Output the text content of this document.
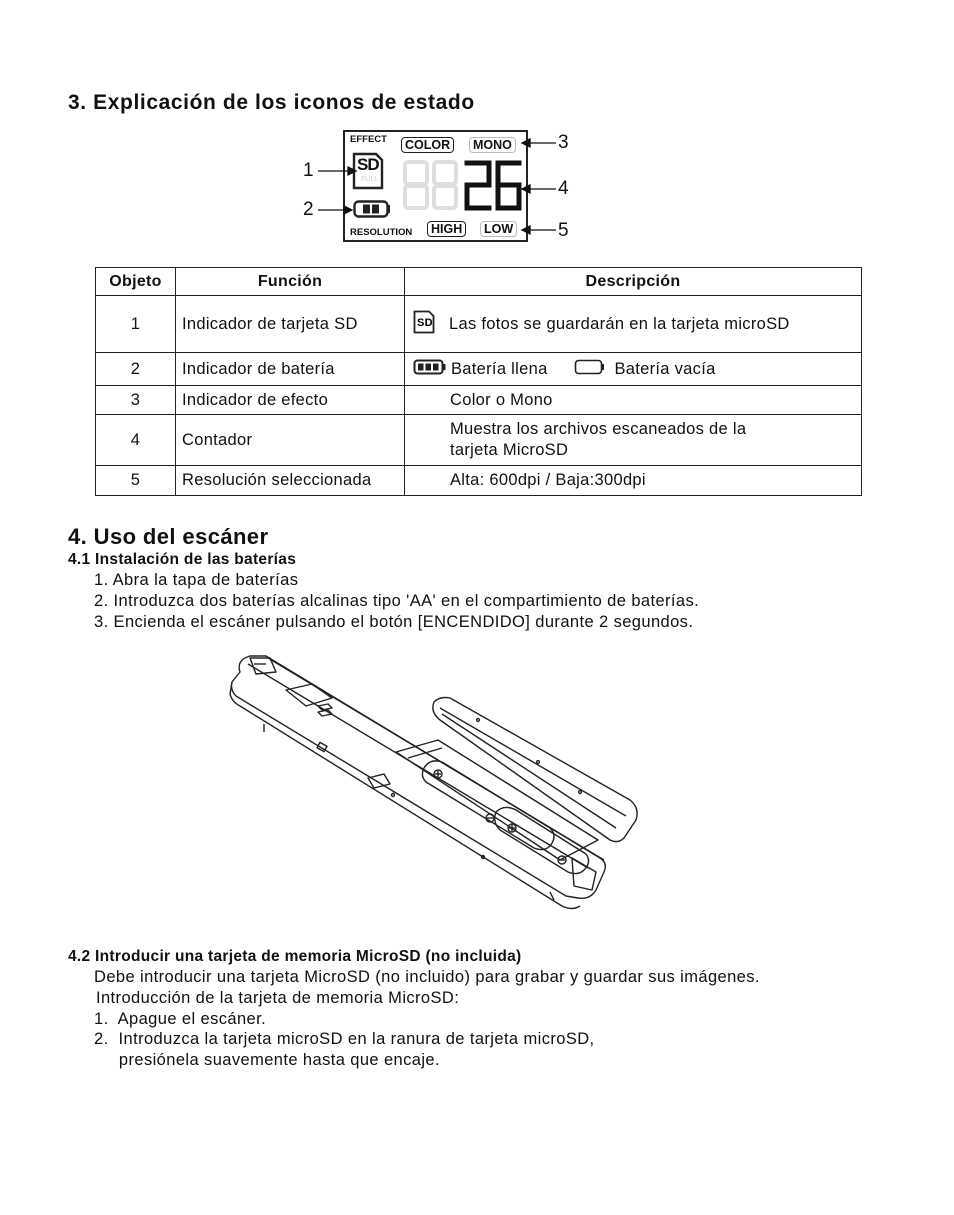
3. Explicación de los iconos de estado
EFFECT	COLOR	MONO
SD
FULL
RESOLUTION	HIGH	LOW
1
2
3
4
5
Objeto	Función	Descripción
1	Indicador de tarjeta SD	SD Las fotos se guardarán en la tarjeta microSD
2	Indicador de batería	Batería llena Batería vacía
3	Indicador de efecto	Color o Mono
4	Contador	Muestra los archivos escaneados de la
tarjeta MicroSD

5	Resolución seleccionada	Alta: 600dpi / Baja:300dpi
4. Uso del escáner
4.1 Instalación de las baterías
1. Abra la tapa de baterías
2. Introduzca dos baterías alcalinas tipo 'AA' en el compartimiento de baterías.
3. Encienda el escáner pulsando el botón [ENCENDIDO] durante 2 segundos.
4.2 Introducir una tarjeta de memoria MicroSD (no incluida)
Debe introducir una tarjeta MicroSD (no incluido) para grabar y guardar sus imágenes.
Introducción de la tarjeta de memoria MicroSD:
1.  Apague el escáner.
2.  Introduzca la tarjeta microSD en la ranura de tarjeta microSD,
presiónela suavemente hasta que encaje.
